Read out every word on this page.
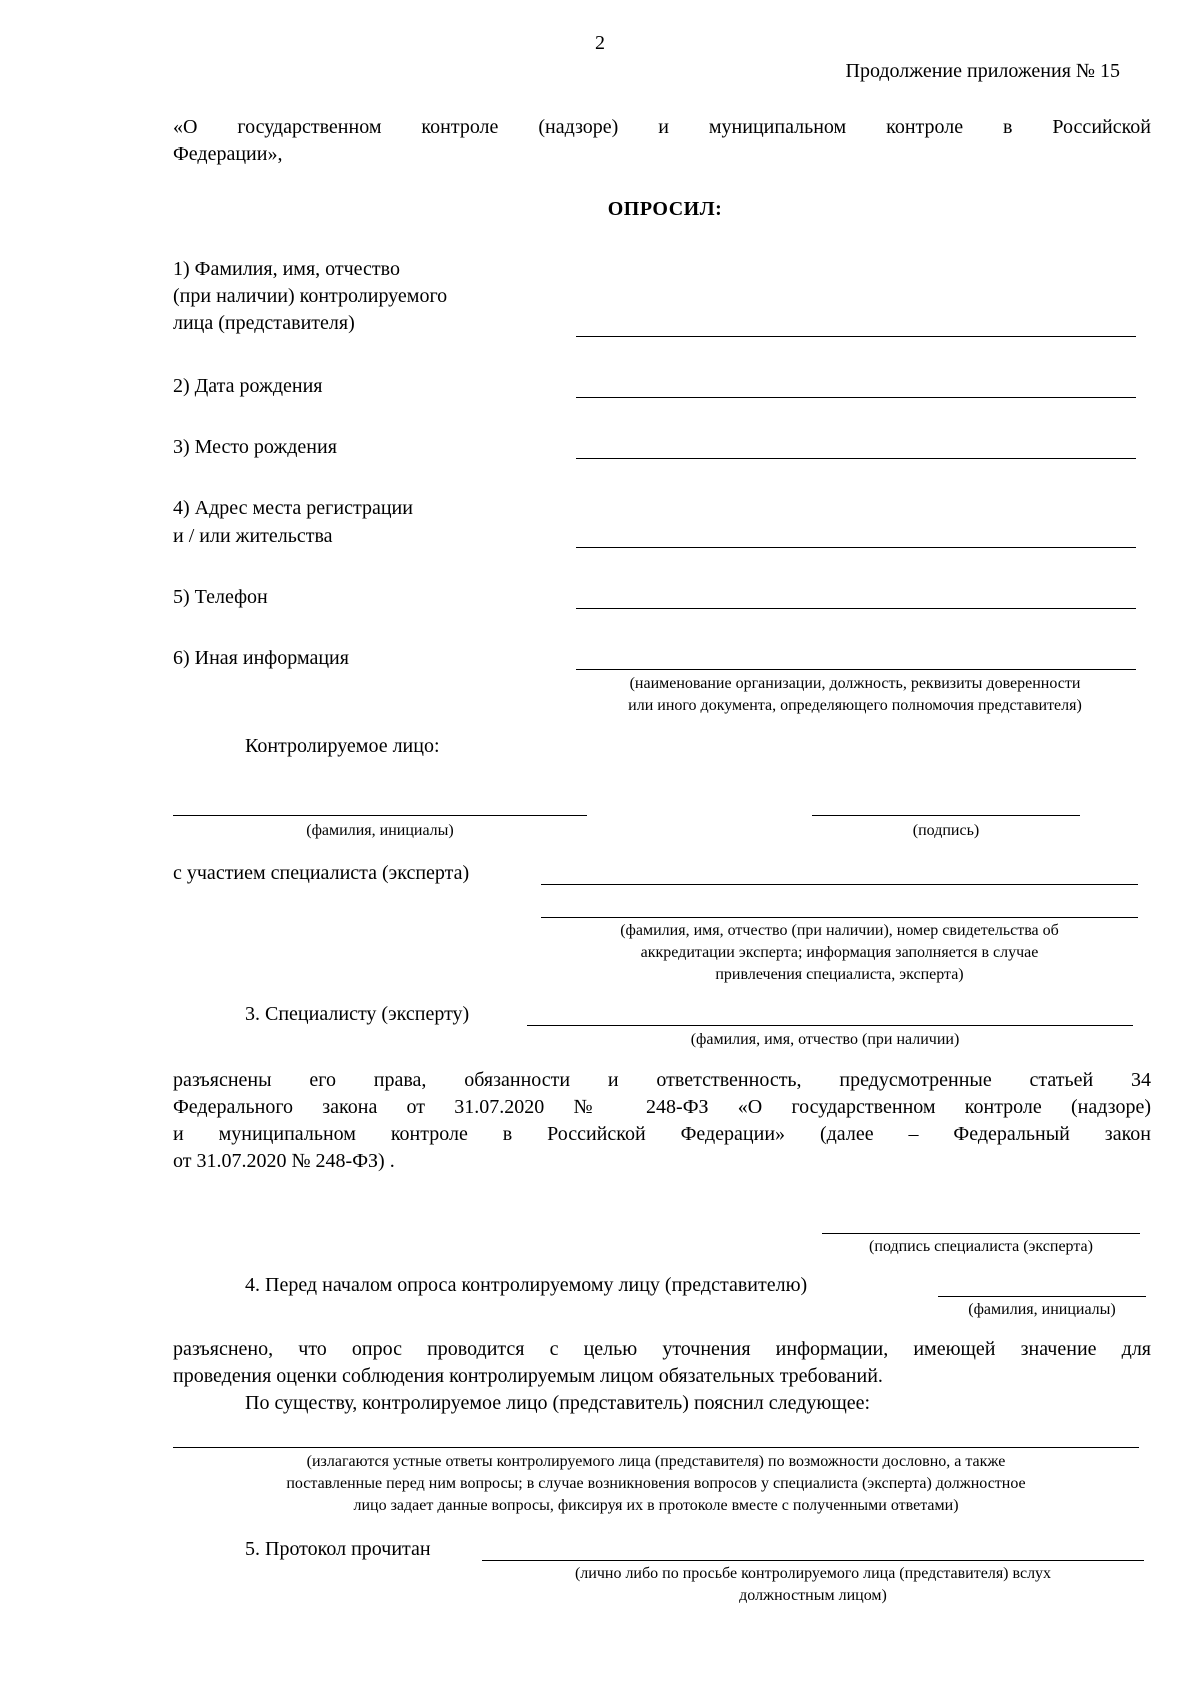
2
Продолжение приложения № 15
«О государственном контроле (надзоре) и муниципальном контроле в Российской
Федерации»,
ОПРОСИЛ:
1) Фамилия, имя, отчество
(при наличии) контролируемого
лица (представителя)
2) Дата рождения
3) Место рождения
4) Адрес места регистрации
и / или жительства
5) Телефон
6) Иная информация
(наименование организации, должность, реквизиты доверенности
или иного документа, определяющего полномочия представителя)
Контролируемое лицо:
(фамилия, инициалы)	(подпись)
с участием специалиста (эксперта)
(фамилия, имя, отчество (при наличии), номер свидетельства об
аккредитации эксперта; информация заполняется в случае
привлечения специалиста, эксперта)
3. Специалисту (эксперту)
(фамилия, имя, отчество (при наличии)
разъяснены его права, обязанности и ответственность, предусмотренные статьей 34
Федерального закона от 31.07.2020 № 248-ФЗ «О государственном контроле (надзоре)
и муниципальном контроле в Российской Федерации» (далее – Федеральный закон
от 31.07.2020 № 248-ФЗ) .
(подпись специалиста (эксперта)
4. Перед началом опроса контролируемому лицу (представителю)
(фамилия, инициалы)
разъяснено, что опрос проводится с целью уточнения информации, имеющей значение для
проведения оценки соблюдения контролируемым лицом обязательных требований.
По существу, контролируемое лицо (представитель) пояснил следующее:
(излагаются устные ответы контролируемого лица (представителя) по возможности дословно, а также
поставленные перед ним вопросы; в случае возникновения вопросов у специалиста (эксперта) должностное
лицо задает данные вопросы, фиксируя их в протоколе вместе с полученными ответами)
5. Протокол прочитан
(лично либо по просьбе контролируемого лица (представителя) вслух
должностным лицом)
